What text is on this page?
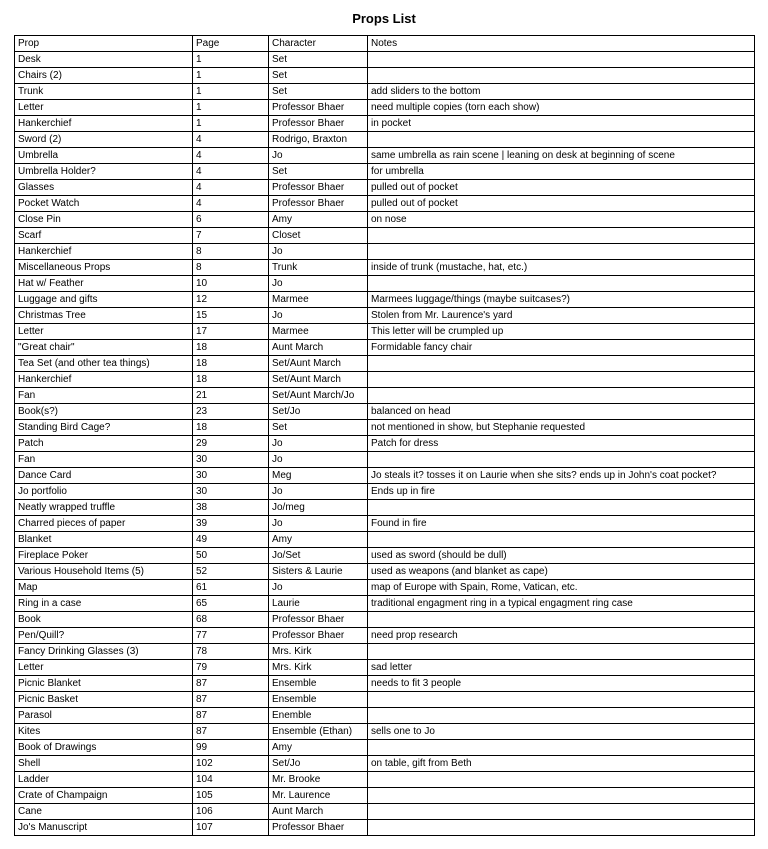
Props List
Prop	Page	Character	Notes
Desk	1	Set	
Chairs (2)	1	Set	
Trunk	1	Set	add sliders to the bottom
Letter	1	Professor Bhaer	need multiple copies (torn each show)
Hankerchief	1	Professor Bhaer	in pocket
Sword (2)	4	Rodrigo, Braxton	
Umbrella	4	Jo	same umbrella as rain scene | leaning on desk at beginning of scene
Umbrella Holder?	4	Set	for umbrella
Glasses	4	Professor Bhaer	pulled out of pocket
Pocket Watch	4	Professor Bhaer	pulled out of pocket
Close Pin	6	Amy	on nose
Scarf	7	Closet	
Hankerchief	8	Jo	
Miscellaneous Props	8	Trunk	inside of trunk (mustache, hat, etc.)
Hat w/ Feather	10	Jo	
Luggage and gifts	12	Marmee	Marmees luggage/things (maybe suitcases?)
Christmas Tree	15	Jo	Stolen from Mr. Laurence's yard
Letter	17	Marmee	This letter will be crumpled up
"Great chair"	18	Aunt March	Formidable fancy chair
Tea Set (and other tea things)	18	Set/Aunt March	
Hankerchief	18	Set/Aunt March	
Fan	21	Set/Aunt March/Jo	
Book(s?)	23	Set/Jo	balanced on head
Standing Bird Cage?	18	Set	not mentioned in show, but Stephanie requested
Patch	29	Jo	Patch for dress
Fan	30	Jo	
Dance Card	30	Meg	Jo steals it? tosses it on Laurie when she sits? ends up in John's coat pocket?
Jo portfolio	30	Jo	Ends up in fire
Neatly wrapped truffle	38	Jo/meg	
Charred pieces of paper	39	Jo	Found in fire
Blanket	49	Amy	
Fireplace Poker	50	Jo/Set	used as sword (should be dull)
Various Household Items (5)	52	Sisters & Laurie	used as weapons (and blanket as cape)
Map	61	Jo	map of Europe with Spain, Rome, Vatican, etc.
Ring in a case	65	Laurie	traditional engagment ring in a typical engagment ring case
Book	68	Professor Bhaer	
Pen/Quill?	77	Professor Bhaer	need prop research
Fancy Drinking Glasses (3)	78	Mrs. Kirk	
Letter	79	Mrs. Kirk	sad letter
Picnic Blanket	87	Ensemble	needs to fit 3 people
Picnic Basket	87	Ensemble	
Parasol	87	Enemble	
Kites	87	Ensemble (Ethan)	sells one to Jo
Book of Drawings	99	Amy	
Shell	102	Set/Jo	on table, gift from Beth
Ladder	104	Mr. Brooke	
Crate of Champaign	105	Mr. Laurence	
Cane	106	Aunt March	
Jo's Manuscript	107	Professor Bhaer	
